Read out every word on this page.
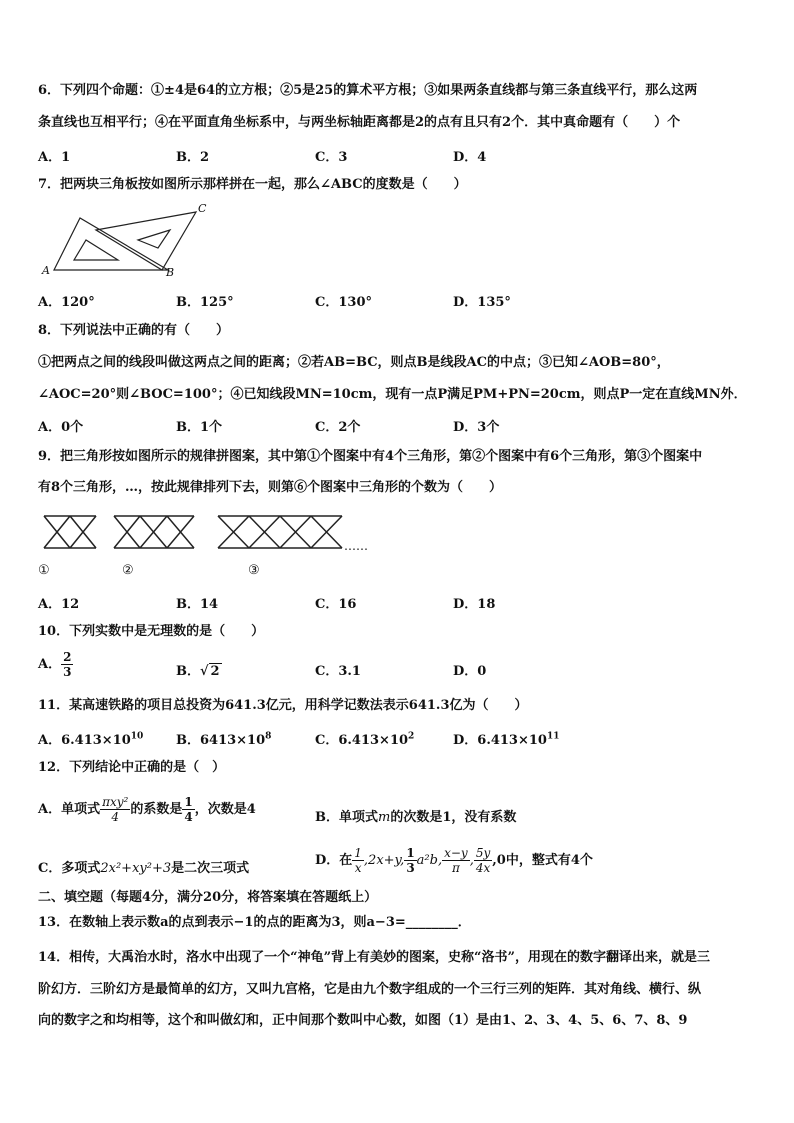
6．下列四个命题：①±4是64的立方根；②5是25的算术平方根；③如果两条直线都与第三条直线平行，那么这两
条直线也互相平行；④在平面直角坐标系中，与两坐标轴距离都是2的点有且只有2个．其中真命题有（　　）个
A．1	B．2	C．3	D．4
7．把两块三角板按如图所示那样拼在一起，那么∠ABC的度数是（　　）
A	B
C
A．120°	B．125°	C．130°	D．135°
8．下列说法中正确的有（　　）
①把两点之间的线段叫做这两点之间的距离；②若AB=BC，则点B是线段AC的中点；③已知∠AOB=80°，
∠AOC=20°则∠BOC=100°；④已知线段MN=10cm，现有一点P满足PM+PN=20cm，则点P一定在直线MN外．
A．0个	B．1个	C．2个	D．3个
9．把三角形按如图所示的规律拼图案，其中第①个图案中有4个三角形，第②个图案中有6个三角形，第③个图案中
有8个三角形，…，按此规律排列下去，则第⑥个图案中三角形的个数为（　　）
……
①	②	③
A．12	B．14	C．16	D．18
10．下列实数中是无理数的是（　　）
A． $\frac{2}{3}$	B．√ 2	C．3.1	D．0
11．某高速铁路的项目总投资为641.3亿元，用科学记数法表示641.3亿为（　　）
A．$6.413\times 10^{10}$	B．$6413\times 10^8$	C．$6.413\times 10^2$	D．$6.413\times 10^{11}$
12．下列结论中正确的是（　）
A．单项式 $\frac{\text{πxy²}}{4}$ 的系数是 $\frac{1}{4}$ ，次数是4
B．单项式m的次数是1，没有系数
C．多项式2x²+xy²+3是二次三项式
D．在 $\frac{1}{x} ,2x+y$, $\frac{1}{3} a^2b$, $\frac{x-y}{\pi}$ , $\frac{5y}{4x} ,0$中，整式有4个
二、填空题（每题4分，满分20分，将答案填在答题纸上）
13．在数轴上表示数a的点到表示−1的点的距离为3，则a−3=________．
14．相传，大禹治水时，洛水中出现了一个“神龟”背上有美妙的图案，史称“洛书”，用现在的数字翻译出来，就是三
阶幻方．三阶幻方是最简单的幻方，又叫九宫格，它是由九个数字组成的一个三行三列的矩阵．其对角线、横行、纵
向的数字之和均相等，这个和叫做幻和，正中间那个数叫中心数，如图（1）是由1、2、3、4、5、6、7、8、9
